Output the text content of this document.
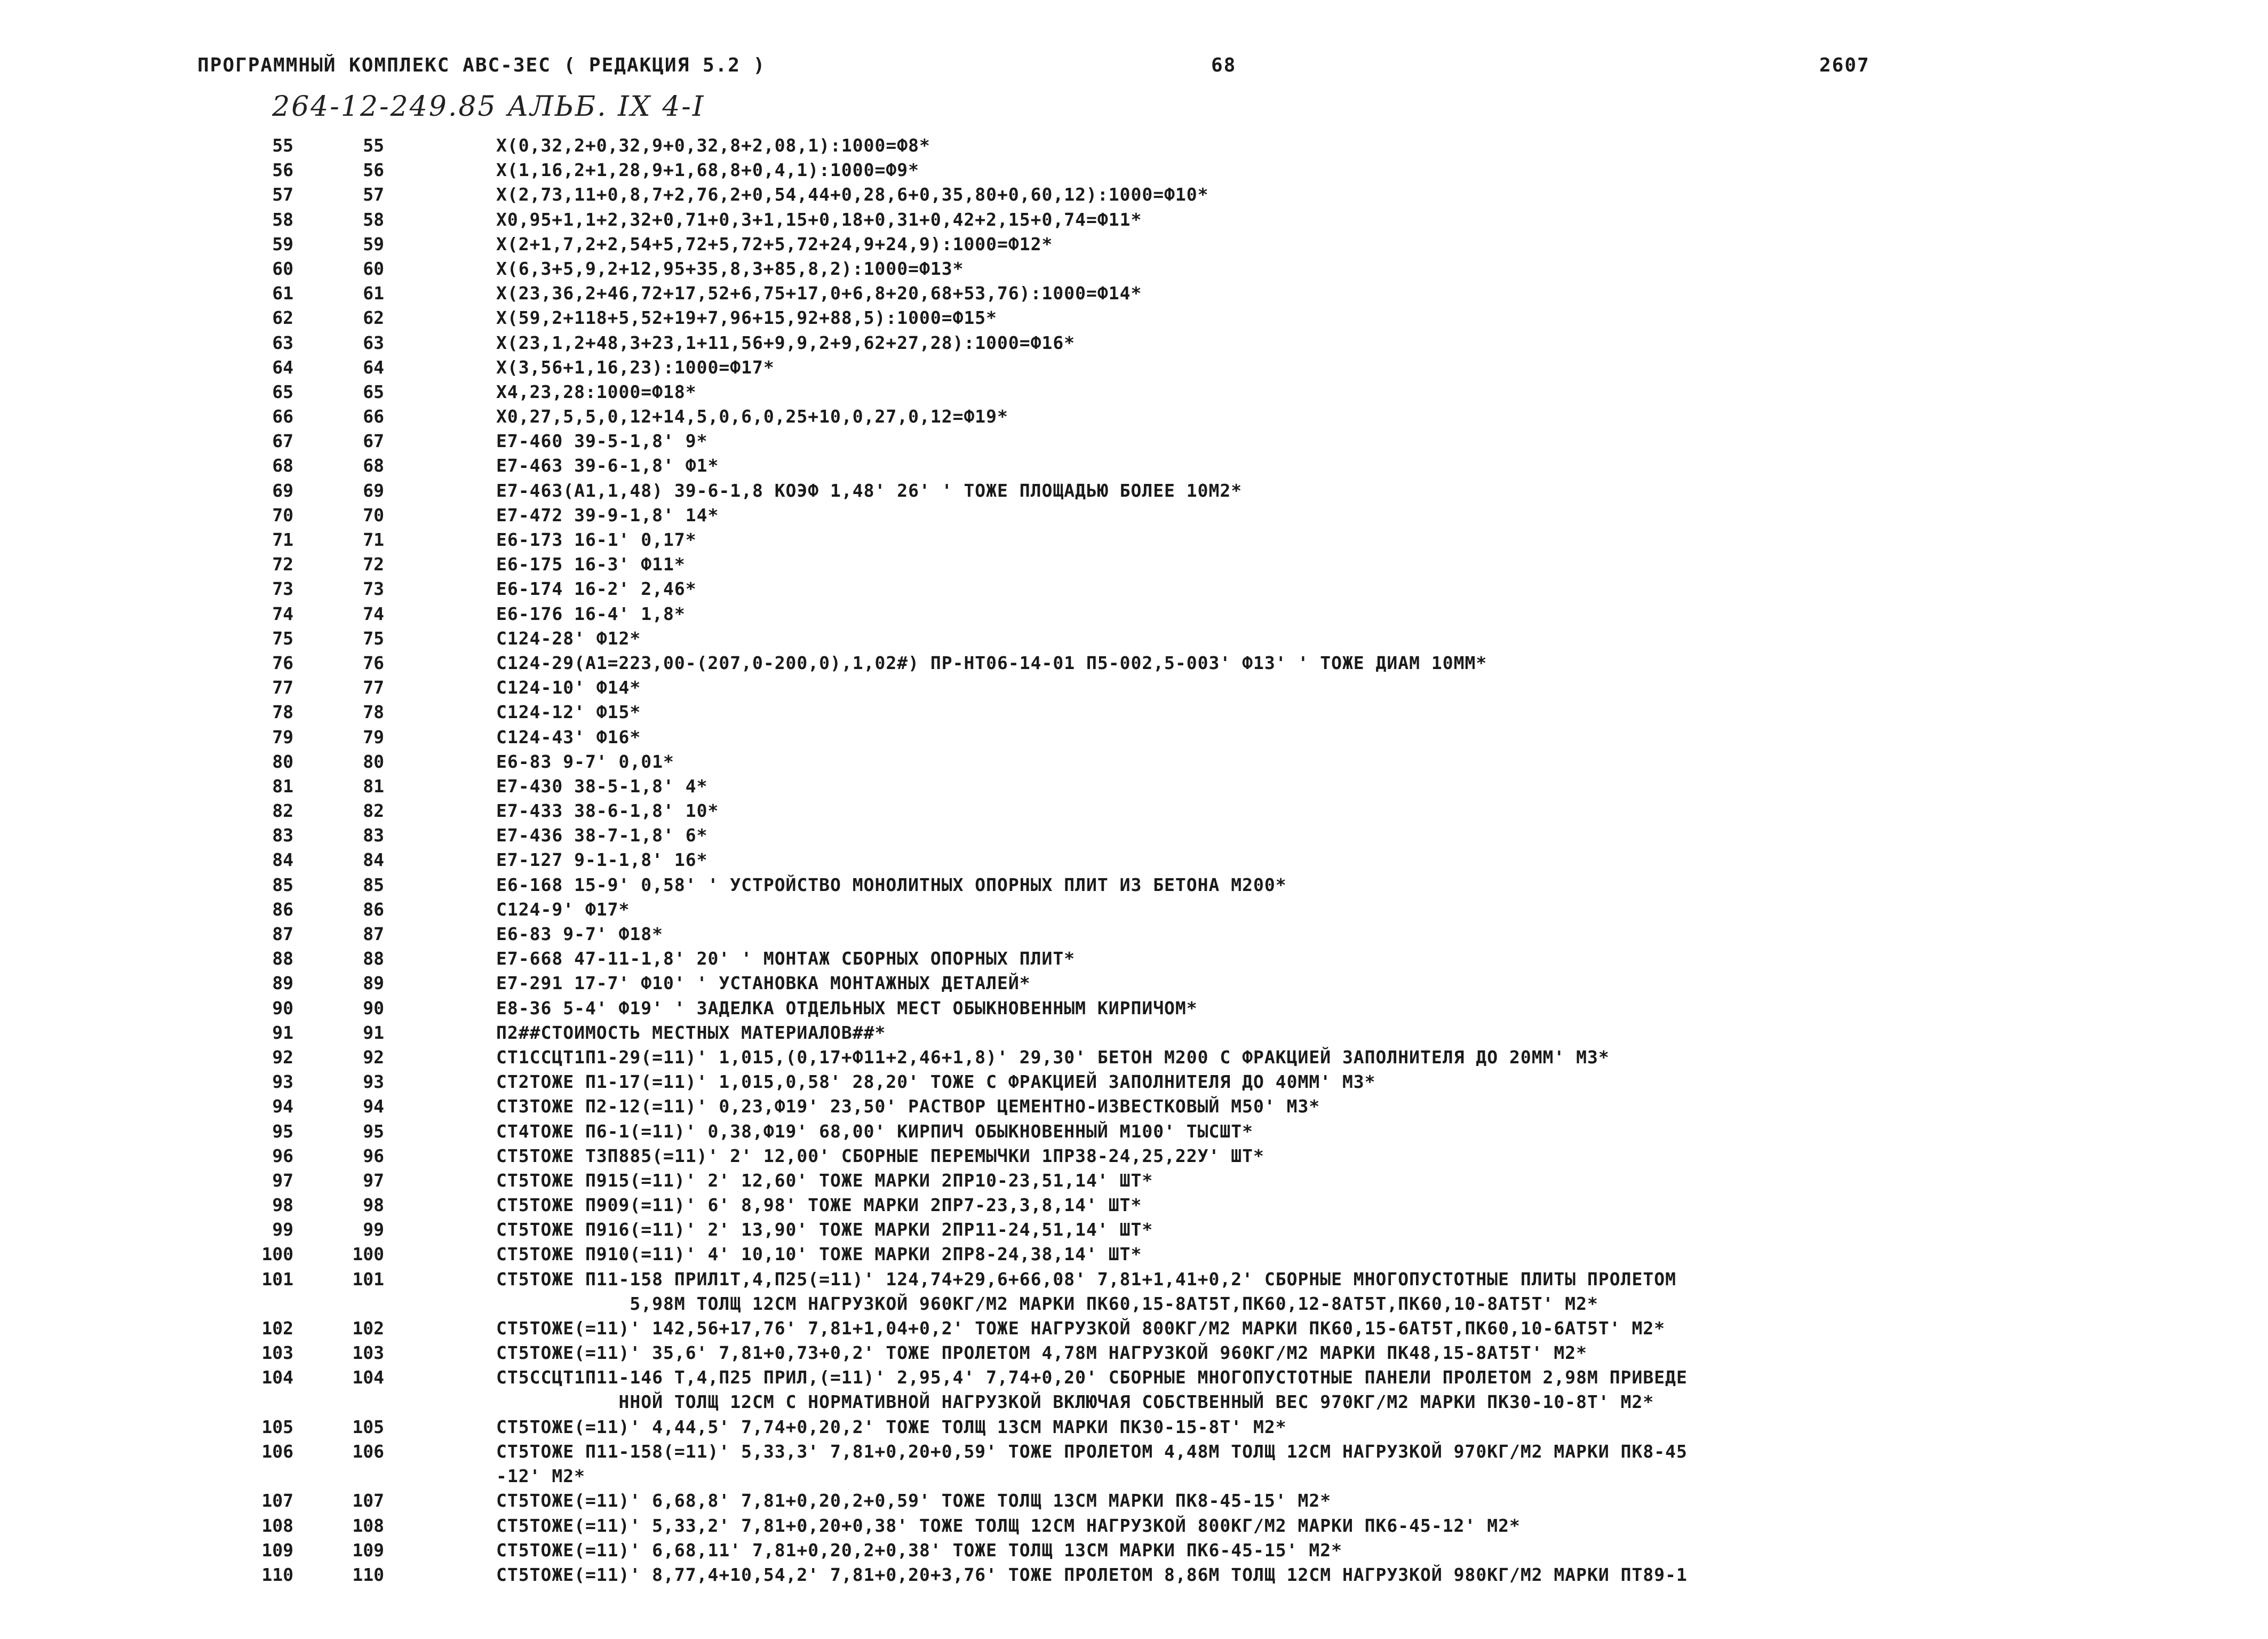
ПРОГРАММНЫЙ КОМПЛЕКС АВС-ЗЕС ( РЕДАКЦИЯ 5.2 )	68	2607
264-12-249.85 АЛЬБ. IX 4-I
55	55	X(0,32,2+0,32,9+0,32,8+2,08,1):1000=Ф8*
56	56	X(1,16,2+1,28,9+1,68,8+0,4,1):1000=Ф9*
57	57	X(2,73,11+0,8,7+2,76,2+0,54,44+0,28,6+0,35,80+0,60,12):1000=Ф10*
58	58	X0,95+1,1+2,32+0,71+0,3+1,15+0,18+0,31+0,42+2,15+0,74=Ф11*
59	59	X(2+1,7,2+2,54+5,72+5,72+5,72+24,9+24,9):1000=Ф12*
60	60	X(6,3+5,9,2+12,95+35,8,3+85,8,2):1000=Ф13*
61	61	X(23,36,2+46,72+17,52+6,75+17,0+6,8+20,68+53,76):1000=Ф14*
62	62	X(59,2+118+5,52+19+7,96+15,92+88,5):1000=Ф15*
63	63	X(23,1,2+48,3+23,1+11,56+9,9,2+9,62+27,28):1000=Ф16*
64	64	X(3,56+1,16,23):1000=Ф17*
65	65	X4,23,28:1000=Ф18*
66	66	X0,27,5,5,0,12+14,5,0,6,0,25+10,0,27,0,12=Ф19*
67	67	E7-460 39-5-1,8' 9*
68	68	E7-463 39-6-1,8' Ф1*
69	69	E7-463(A1,1,48) 39-6-1,8 КОЭФ 1,48' 26' ' ТОЖЕ ПЛОЩАДЬЮ БОЛЕЕ 10М2*
70	70	E7-472 39-9-1,8' 14*
71	71	E6-173 16-1' 0,17*
72	72	E6-175 16-3' Ф11*
73	73	E6-174 16-2' 2,46*
74	74	E6-176 16-4' 1,8*
75	75	C124-28' Ф12*
76	76	C124-29(A1=223,00-(207,0-200,0),1,02#) ПР-НТ06-14-01 П5-002,5-003' Ф13' ' ТОЖЕ ДИАМ 10ММ*
77	77	C124-10' Ф14*
78	78	C124-12' Ф15*
79	79	C124-43' Ф16*
80	80	E6-83 9-7' 0,01*
81	81	E7-430 38-5-1,8' 4*
82	82	E7-433 38-6-1,8' 10*
83	83	E7-436 38-7-1,8' 6*
84	84	E7-127 9-1-1,8' 16*
85	85	E6-168 15-9' 0,58' ' УСТРОЙСТВО МОНОЛИТНЫХ ОПОРНЫХ ПЛИТ ИЗ БЕТОНА М200*
86	86	C124-9' Ф17*
87	87	E6-83 9-7' Ф18*
88	88	E7-668 47-11-1,8' 20' ' МОНТАЖ СБОРНЫХ ОПОРНЫХ ПЛИТ*
89	89	E7-291 17-7' Ф10' ' УСТАНОВКА МОНТАЖНЫХ ДЕТАЛЕЙ*
90	90	E8-36 5-4' Ф19' ' ЗАДЕЛКА ОТДЕЛЬНЫХ МЕСТ ОБЫКНОВЕННЫМ КИРПИЧОМ*
91	91	П2##СТОИМОСТЬ МЕСТНЫХ МАТЕРИАЛОВ##*
92	92	CT1CCЦT1П1-29(=11)' 1,015,(0,17+Ф11+2,46+1,8)' 29,30' БЕТОН М200 С ФРАКЦИЕЙ ЗАПОЛНИТЕЛЯ ДО 20ММ' М3*
93	93	CT2ТОЖЕ П1-17(=11)' 1,015,0,58' 28,20' ТОЖЕ С ФРАКЦИЕЙ ЗАПОЛНИТЕЛЯ ДО 40ММ' М3*
94	94	CT3ТОЖЕ П2-12(=11)' 0,23,Ф19' 23,50' РАСТВОР ЦЕМЕНТНО-ИЗВЕСТКОВЫЙ М50' М3*
95	95	CT4ТОЖЕ П6-1(=11)' 0,38,Ф19' 68,00' КИРПИЧ ОБЫКНОВЕННЫЙ М100' ТЫСШТ*
96	96	CT5ТОЖЕ Т3П885(=11)' 2' 12,00' СБОРНЫЕ ПЕРЕМЫЧКИ 1ПР38-24,25,22У' ШТ*
97	97	CT5ТОЖЕ П915(=11)' 2' 12,60' ТОЖЕ МАРКИ 2ПР10-23,51,14' ШТ*
98	98	CT5ТОЖЕ П909(=11)' 6' 8,98' ТОЖЕ МАРКИ 2ПР7-23,3,8,14' ШТ*
99	99	CT5ТОЖЕ П916(=11)' 2' 13,90' ТОЖЕ МАРКИ 2ПР11-24,51,14' ШТ*
100	100	CT5ТОЖЕ П910(=11)' 4' 10,10' ТОЖЕ МАРКИ 2ПР8-24,38,14' ШТ*
101	101	CT5ТОЖЕ П11-158 ПРИЛ1Т,4,П25(=11)' 124,74+29,6+66,08' 7,81+1,41+0,2' СБОРНЫЕ МНОГОПУСТОТНЫЕ ПЛИТЫ ПРОЛЕТОМ
5,98М ТОЛЩ 12СМ НАГРУЗКОЙ 960КГ/М2 МАРКИ ПК60,15-8АТ5Т,ПК60,12-8АТ5Т,ПК60,10-8АТ5Т' М2*
102	102	CT5ТОЖЕ(=11)' 142,56+17,76' 7,81+1,04+0,2' ТОЖЕ НАГРУЗКОЙ 800КГ/М2 МАРКИ ПК60,15-6АТ5Т,ПК60,10-6АТ5Т' М2*
103	103	CT5ТОЖЕ(=11)' 35,6' 7,81+0,73+0,2' ТОЖЕ ПРОЛЕТОМ 4,78М НАГРУЗКОЙ 960КГ/М2 МАРКИ ПК48,15-8АТ5Т' М2*
104	104	CT5CCЦT1П11-146 Т,4,П25 ПРИЛ,(=11)' 2,95,4' 7,74+0,20' СБОРНЫЕ МНОГОПУСТОТНЫЕ ПАНЕЛИ ПРОЛЕТОМ 2,98М ПРИВЕДЕ
ННОЙ ТОЛЩ 12СМ С НОРМАТИВНОЙ НАГРУЗКОЙ ВКЛЮЧАЯ СОБСТВЕННЫЙ ВЕС 970КГ/М2 МАРКИ ПК30-10-8Т' М2*
105	105	CT5ТОЖЕ(=11)' 4,44,5' 7,74+0,20,2' ТОЖЕ ТОЛЩ 13СМ МАРКИ ПК30-15-8Т' М2*
106	106	CT5ТОЖЕ П11-158(=11)' 5,33,3' 7,81+0,20+0,59' ТОЖЕ ПРОЛЕТОМ 4,48М ТОЛЩ 12СМ НАГРУЗКОЙ 970КГ/М2 МАРКИ ПК8-45
-12' М2*
107	107	CT5ТОЖЕ(=11)' 6,68,8' 7,81+0,20,2+0,59' ТОЖЕ ТОЛЩ 13СМ МАРКИ ПК8-45-15' М2*
108	108	CT5ТОЖЕ(=11)' 5,33,2' 7,81+0,20+0,38' ТОЖЕ ТОЛЩ 12СМ НАГРУЗКОЙ 800КГ/М2 МАРКИ ПК6-45-12' М2*
109	109	CT5ТОЖЕ(=11)' 6,68,11' 7,81+0,20,2+0,38' ТОЖЕ ТОЛЩ 13СМ МАРКИ ПК6-45-15' М2*
110	110	CT5ТОЖЕ(=11)' 8,77,4+10,54,2' 7,81+0,20+3,76' ТОЖЕ ПРОЛЕТОМ 8,86М ТОЛЩ 12СМ НАГРУЗКОЙ 980КГ/М2 МАРКИ ПТ89-1
